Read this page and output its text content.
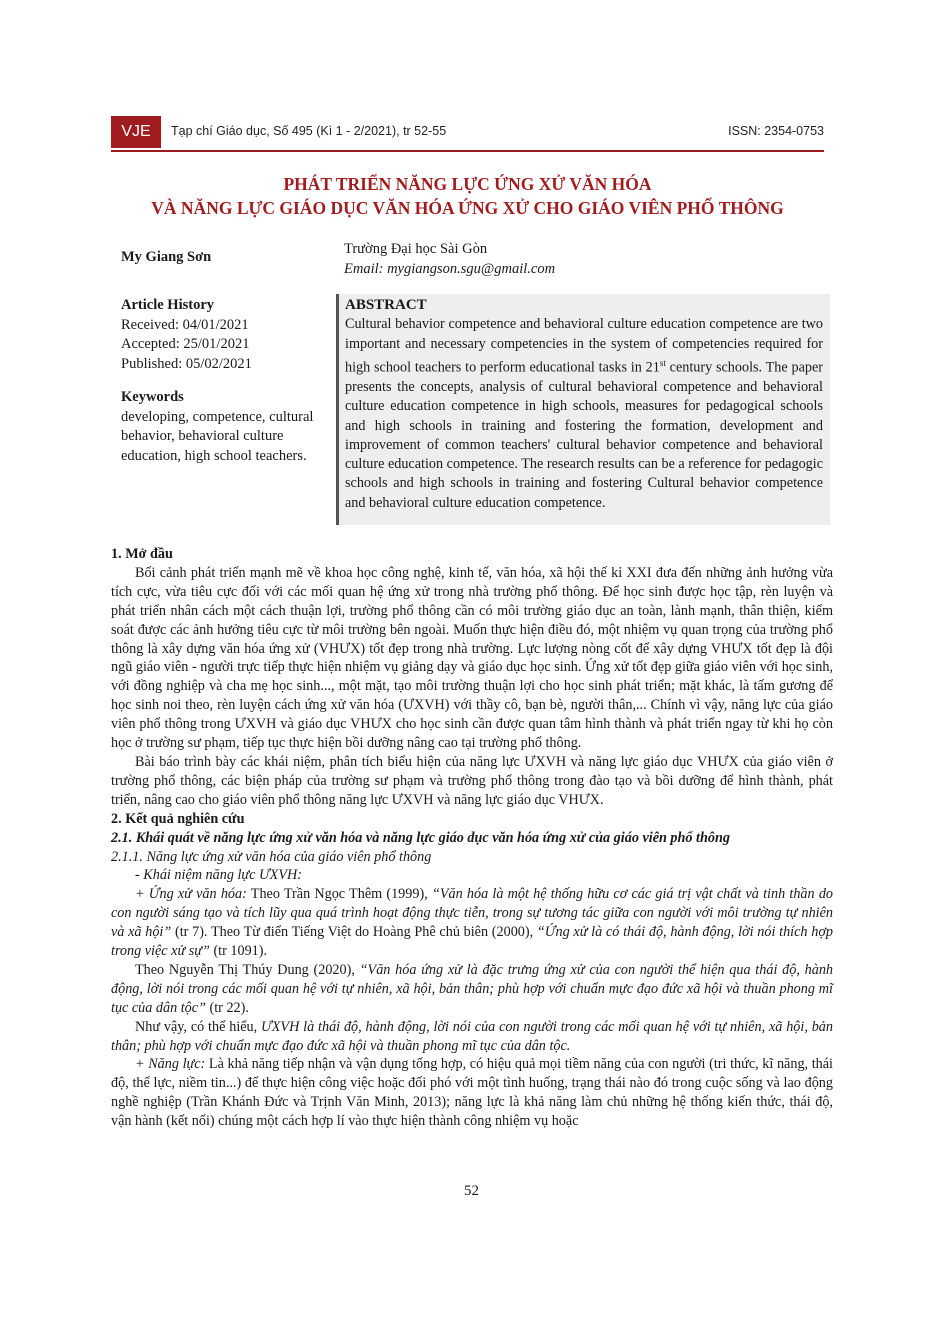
VJE	Tạp chí Giáo dục, Số 495 (Kì 1 - 2/2021), tr 52-55	ISSN: 2354-0753
PHÁT TRIỂN NĂNG LỰC ỨNG XỬ VĂN HÓA
VÀ NĂNG LỰC GIÁO DỤC VĂN HÓA ỨNG XỬ CHO GIÁO VIÊN PHỔ THÔNG
My Giang Sơn	Trường Đại học Sài Gòn
Email: mygiangson.sgu@gmail.com
Article History
Received: 04/01/2021
Accepted: 25/01/2021
Published: 05/02/2021
Keywords
developing, competence, cultural behavior, behavioral culture education, high school teachers.
ABSTRACT
Cultural behavior competence and behavioral culture education competence are two important and necessary competencies in the system of competencies required for high school teachers to perform educational tasks in 21st century schools. The paper presents the concepts, analysis of cultural behavioral competence and behavioral culture education competence in high schools, measures for pedagogical schools and high schools in training and fostering the formation, development and improvement of common teachers' cultural behavior competence and behavioral culture education competence. The research results can be a reference for pedagogic schools and high schools in training and fostering Cultural behavior competence and behavioral culture education competence.

1. Mở đầu

Bối cảnh phát triển mạnh mẽ về khoa học công nghệ, kinh tế, văn hóa, xã hội thế kỉ XXI đưa đến những ảnh hưởng vừa tích cực, vừa tiêu cực đối với các mối quan hệ ứng xử trong nhà trường phổ thông. Để học sinh được học tập, rèn luyện và phát triển nhân cách một cách thuận lợi, trường phổ thông cần có môi trường giáo dục an toàn, lành mạnh, thân thiện, kiểm soát được các ảnh hưởng tiêu cực từ môi trường bên ngoài. Muốn thực hiện điều đó, một nhiệm vụ quan trọng của trường phổ thông là xây dựng văn hóa ứng xử (VHƯX) tốt đẹp trong nhà trường. Lực lượng nòng cốt để xây dựng VHƯX tốt đẹp là đội ngũ giáo viên - người trực tiếp thực hiện nhiệm vụ giảng dạy và giáo dục học sinh. Ứng xử tốt đẹp giữa giáo viên với học sinh, với đồng nghiệp và cha mẹ học sinh..., một mặt, tạo môi trường thuận lợi cho học sinh phát triển; mặt khác, là tấm gương để học sinh noi theo, rèn luyện cách ứng xử văn hóa (ƯXVH) với thầy cô, bạn bè, người thân,... Chính vì vậy, năng lực của giáo viên phổ thông trong ƯXVH và giáo dục VHƯX cho học sinh cần được quan tâm hình thành và phát triển ngay từ khi họ còn học ở trường sư phạm, tiếp tục thực hiện bồi dưỡng nâng cao tại trường phổ thông.

Bài báo trình bày các khái niệm, phân tích biểu hiện của năng lực ƯXVH và năng lực giáo dục VHƯX của giáo viên ở trường phổ thông, các biện pháp của trường sư phạm và trường phổ thông trong đào tạo và bồi dưỡng để hình thành, phát triển, nâng cao cho giáo viên phổ thông năng lực ƯXVH và năng lực giáo dục VHƯX.

2. Kết quả nghiên cứu

2.1. Khái quát về năng lực ứng xử văn hóa và năng lực giáo dục văn hóa ứng xử của giáo viên phổ thông

2.1.1. Năng lực ứng xử văn hóa của giáo viên phổ thông

- Khái niệm năng lực ƯXVH:

+ Ứng xử văn hóa: Theo Trần Ngọc Thêm (1999), “Văn hóa là một hệ thống hữu cơ các giá trị vật chất và tinh thần do con người sáng tạo và tích lũy qua quá trình hoạt động thực tiễn, trong sự tương tác giữa con người với môi trường tự nhiên và xã hội” (tr 7). Theo Từ điển Tiếng Việt do Hoàng Phê chủ biên (2000), “Ứng xử là có thái độ, hành động, lời nói thích hợp trong việc xử sự” (tr 1091).

Theo Nguyễn Thị Thúy Dung (2020), “Văn hóa ứng xử là đặc trưng ứng xử của con người thể hiện qua thái độ, hành động, lời nói trong các mối quan hệ với tự nhiên, xã hội, bản thân; phù hợp với chuẩn mực đạo đức xã hội và thuần phong mĩ tục của dân tộc” (tr 22).

Như vậy, có thể hiểu, ƯXVH là thái độ, hành động, lời nói của con người trong các mối quan hệ với tự nhiên, xã hội, bản thân; phù hợp với chuẩn mực đạo đức xã hội và thuần phong mĩ tục của dân tộc.

+ Năng lực: Là khả năng tiếp nhận và vận dụng tổng hợp, có hiệu quả mọi tiềm năng của con người (tri thức, kĩ năng, thái độ, thể lực, niềm tin...) để thực hiện công việc hoặc đối phó với một tình huống, trạng thái nào đó trong cuộc sống và lao động nghề nghiệp (Trần Khánh Đức và Trịnh Văn Minh, 2013); năng lực là khả năng làm chủ những hệ thống kiến thức, thái độ, vận hành (kết nối) chúng một cách hợp lí vào thực hiện thành công nhiệm vụ hoặc

52
